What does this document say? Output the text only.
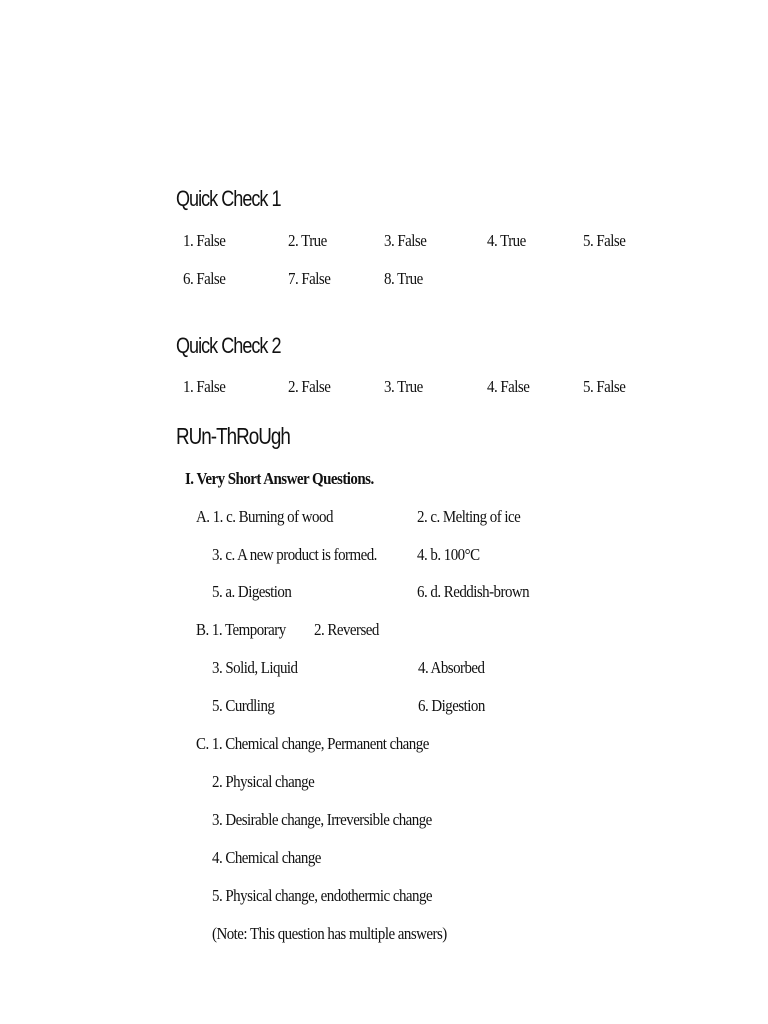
Quick Check 1
1. False	2. True	3. False	4. True	5. False
6. False	7. False	8. True
Quick Check 2
1. False	2. False	3. True	4. False	5. False
RUn-ThRoUgh
I. Very Short Answer Questions.
A. 1. c. Burning of wood	2. c. Melting of ice
3. c. A new product is formed. 4. b. 100°C
5. a. Digestion	6. d. Reddish-brown
B. 1. Temporary 2. Reversed
3. Solid, Liquid	4. Absorbed
5. Curdling	6. Digestion
C. 1. Chemical change, Permanent change
2. Physical change
3. Desirable change, Irreversible change
4. Chemical change
5. Physical change, endothermic change
(Note: This question has multiple answers)
